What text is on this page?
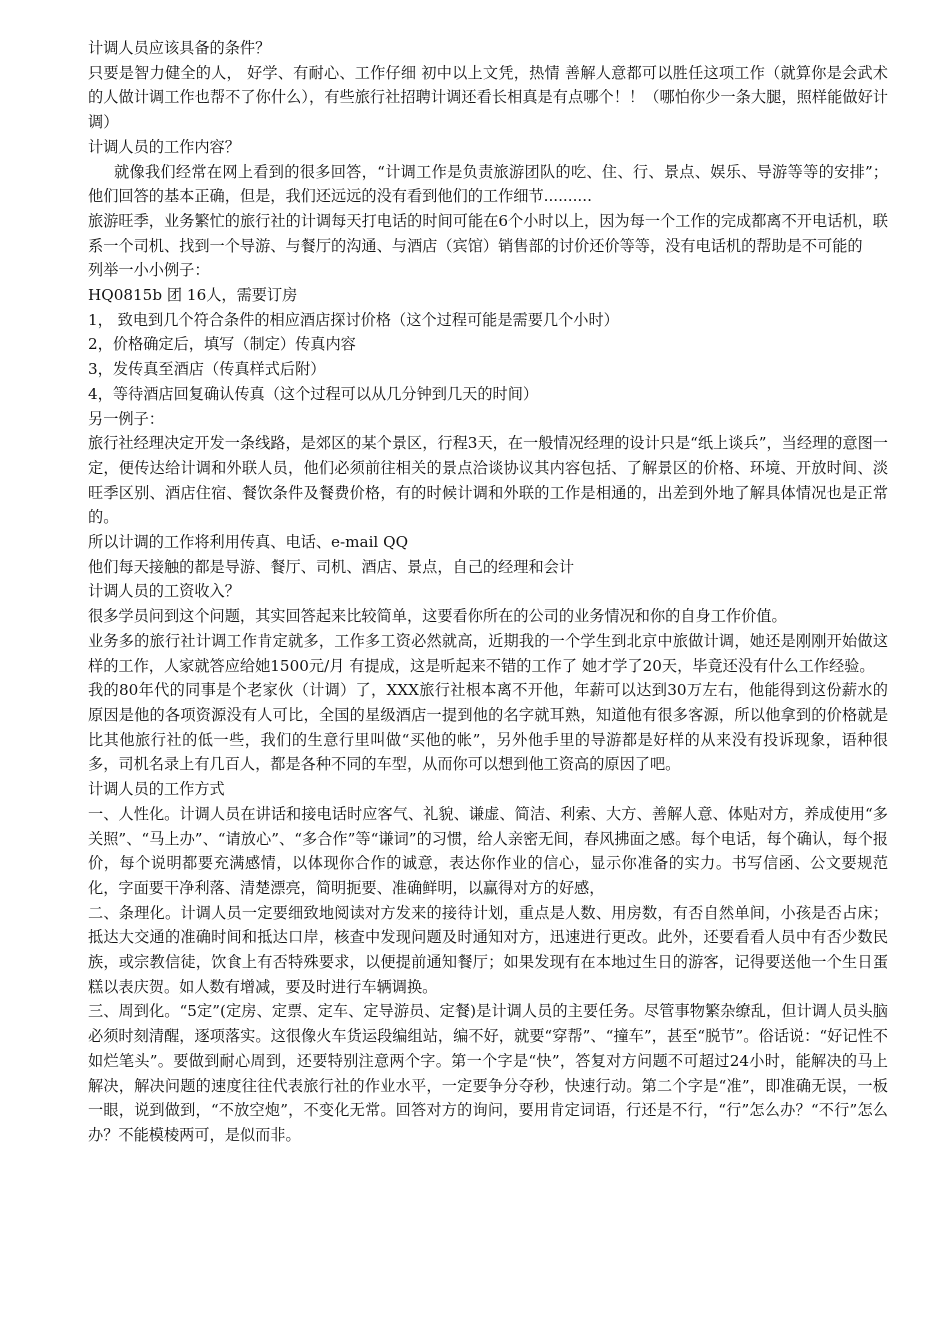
计调人员应该具备的条件？

只要是智力健全的人， 好学、有耐心、工作仔细 初中以上文凭，热情 善解人意都可以胜任这项工作（就算你是会武术的人做计调工作也帮不了你什么），有些旅行社招聘计调还看长相真是有点哪个！！（哪怕你少一条大腿，照样能做好计调）

计调人员的工作内容？

就像我们经常在网上看到的很多回答，“计调工作是负责旅游团队的吃、住、行、景点、娱乐、导游等等的安排”；他们回答的基本正确，但是，我们还远远的没有看到他们的工作细节..........

旅游旺季，业务繁忙的旅行社的计调每天打电话的时间可能在6个小时以上，因为每一个工作的完成都离不开电话机，联系一个司机、找到一个导游、与餐厅的沟通、与酒店（宾馆）销售部的讨价还价等等，没有电话机的帮助是不可能的

列举一小小例子：

HQ0815b 团 16人，需要订房

1， 致电到几个符合条件的相应酒店探讨价格（这个过程可能是需要几个小时）

2，价格确定后，填写（制定）传真内容

3，发传真至酒店（传真样式后附）

4，等待酒店回复确认传真（这个过程可以从几分钟到几天的时间）

另一例子：

旅行社经理决定开发一条线路，是郊区的某个景区，行程3天，在一般情况经理的设计只是“纸上谈兵”，当经理的意图一定，便传达给计调和外联人员，他们必须前往相关的景点洽谈协议其内容包括、了解景区的价格、环境、开放时间、淡旺季区别、酒店住宿、餐饮条件及餐费价格，有的时候计调和外联的工作是相通的，出差到外地了解具体情况也是正常的。

所以计调的工作将利用传真、电话、e-mail QQ

他们每天接触的都是导游、餐厅、司机、酒店、景点，自己的经理和会计

计调人员的工资收入？

很多学员问到这个问题，其实回答起来比较简单，这要看你所在的公司的业务情况和你的自身工作价值。

业务多的旅行社计调工作肯定就多，工作多工资必然就高，近期我的一个学生到北京中旅做计调，她还是刚刚开始做这样的工作，人家就答应给她1500元/月 有提成，这是听起来不错的工作了 她才学了20天，毕竟还没有什么工作经验。

我的80年代的同事是个老家伙（计调）了，XXX旅行社根本离不开他，年薪可以达到30万左右，他能得到这份薪水的原因是他的各项资源没有人可比，全国的星级酒店一提到他的名字就耳熟，知道他有很多客源，所以他拿到的价格就是比其他旅行社的低一些，我们的生意行里叫做“买他的帐”，另外他手里的导游都是好样的从来没有投诉现象，语种很多，司机名录上有几百人，都是各种不同的车型，从而你可以想到他工资高的原因了吧。

计调人员的工作方式

一、人性化。计调人员在讲话和接电话时应客气、礼貌、谦虚、简洁、利索、大方、善解人意、体贴对方，养成使用“多关照”、“马上办”、“请放心”、“多合作”等“谦词”的习惯，给人亲密无间，春风拂面之感。每个电话，每个确认，每个报价，每个说明都要充满感情，以体现你合作的诚意，表达你作业的信心，显示你准备的实力。书写信函、公文要规范化，字面要干净利落、清楚漂亮，简明扼要、准确鲜明，以赢得对方的好感，

二、条理化。计调人员一定要细致地阅读对方发来的接待计划，重点是人数、用房数，有否自然单间，小孩是否占床；抵达大交通的准确时间和抵达口岸，核查中发现问题及时通知对方，迅速进行更改。此外，还要看看人员中有否少数民族，或宗教信徒，饮食上有否特殊要求，以便提前通知餐厅；如果发现有在本地过生日的游客，记得要送他一个生日蛋糕以表庆贺。如人数有增减，要及时进行车辆调换。

三、周到化。“5定”(定房、定票、定车、定导游员、定餐)是计调人员的主要任务。尽管事物繁杂缭乱，但计调人员头脑必须时刻清醒，逐项落实。这很像火车货运段编组站，编不好，就要“穿帮”、“撞车”，甚至“脱节”。俗话说：“好记性不如烂笔头”。要做到耐心周到，还要特别注意两个字。第一个字是“快”，答复对方问题不可超过24小时，能解决的马上解决，解决问题的速度往往代表旅行社的作业水平，一定要争分夺秒，快速行动。第二个字是“准”，即准确无误，一板一眼，说到做到，“不放空炮”，不变化无常。回答对方的询问，要用肯定词语，行还是不行，“行”怎么办？“不行”怎么办？不能模棱两可，是似而非。
